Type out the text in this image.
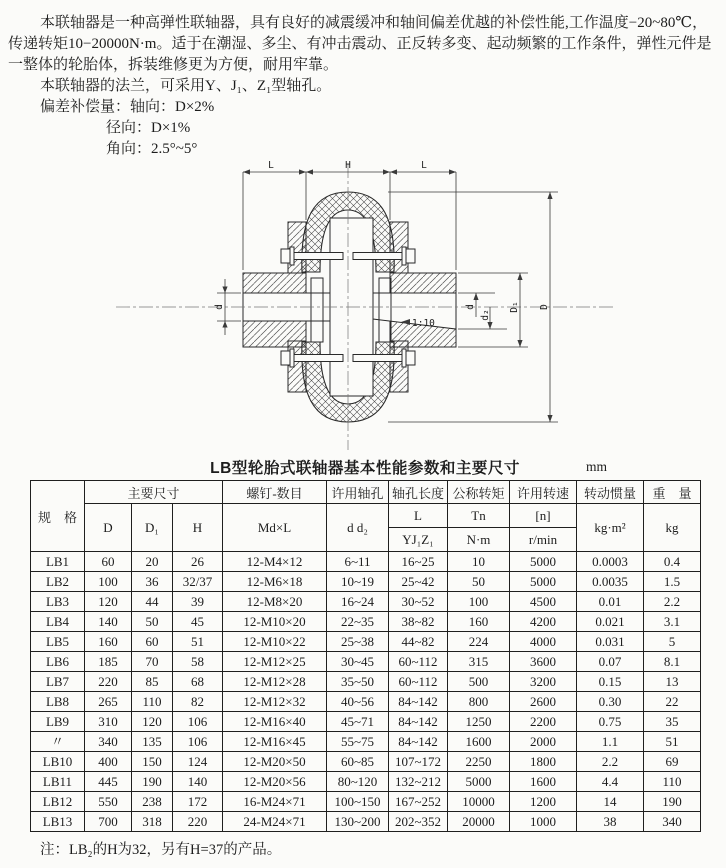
本联轴器是一种高弹性联轴器，具有良好的减震缓冲和轴间偏差优越的补偿性能,工作温度−20~80℃，传递转矩10−20000N·m。适于在潮湿、多尘、有冲击震动、正反转多变、起动频繁的工作条件，弹性元件是一整体的轮胎体，拆装维修更为方便，耐用牢靠。

本联轴器的法兰，可采用Y、J₁、Z₁型轴孔。

偏差补偿量：轴向：D×2%

径向：D×1%

角向：2.5°~5°

L	H	L
d	d
d₂
D₁ D
1:10
LB型轮胎式联轴器基本性能参数和主要尺寸	mm
规　格	主要尺寸			螺钉-数目	许用轴孔	轴孔长度	公称转矩	许用转速	转动惯量	重　量
	D	D₁	H	Md×L	d d₂	L	Tn	[n]	kg·m²	kg
						YJ₁Z₁	N·m	r/min		
LB1	60	20	26	12-M4×12	6~11	16~25	10	5000	0.0003	0.4
LB2	100	36	32/37	12-M6×18	10~19	25~42	50	5000	0.0035	1.5
LB3	120	44	39	12-M8×20	16~24	30~52	100	4500	0.01	2.2
LB4	140	50	45	12-M10×20	22~35	38~82	160	4200	0.021	3.1
LB5	160	60	51	12-M10×22	25~38	44~82	224	4000	0.031	5
LB6	185	70	58	12-M12×25	30~45	60~112	315	3600	0.07	8.1
LB7	220	85	68	12-M12×28	35~50	60~112	500	3200	0.15	13
LB8	265	110	82	12-M12×32	40~56	84~142	800	2600	0.30	22
LB9	310	120	106	12-M16×40	45~71	84~142	1250	2200	0.75	35
〃	340	135	106	12-M16×45	55~75	84~142	1600	2000	1.1	51
LB10	400	150	124	12-M20×50	60~85	107~172	2250	1800	2.2	69
LB11	445	190	140	12-M20×56	80~120	132~212	5000	1600	4.4	110
LB12	550	238	172	16-M24×71	100~150	167~252	10000	1200	14	190
LB13	700	318	220	24-M24×71	130~200	202~352	20000	1000	38	340

注：LB₂的H为32，另有H=37的产品。
